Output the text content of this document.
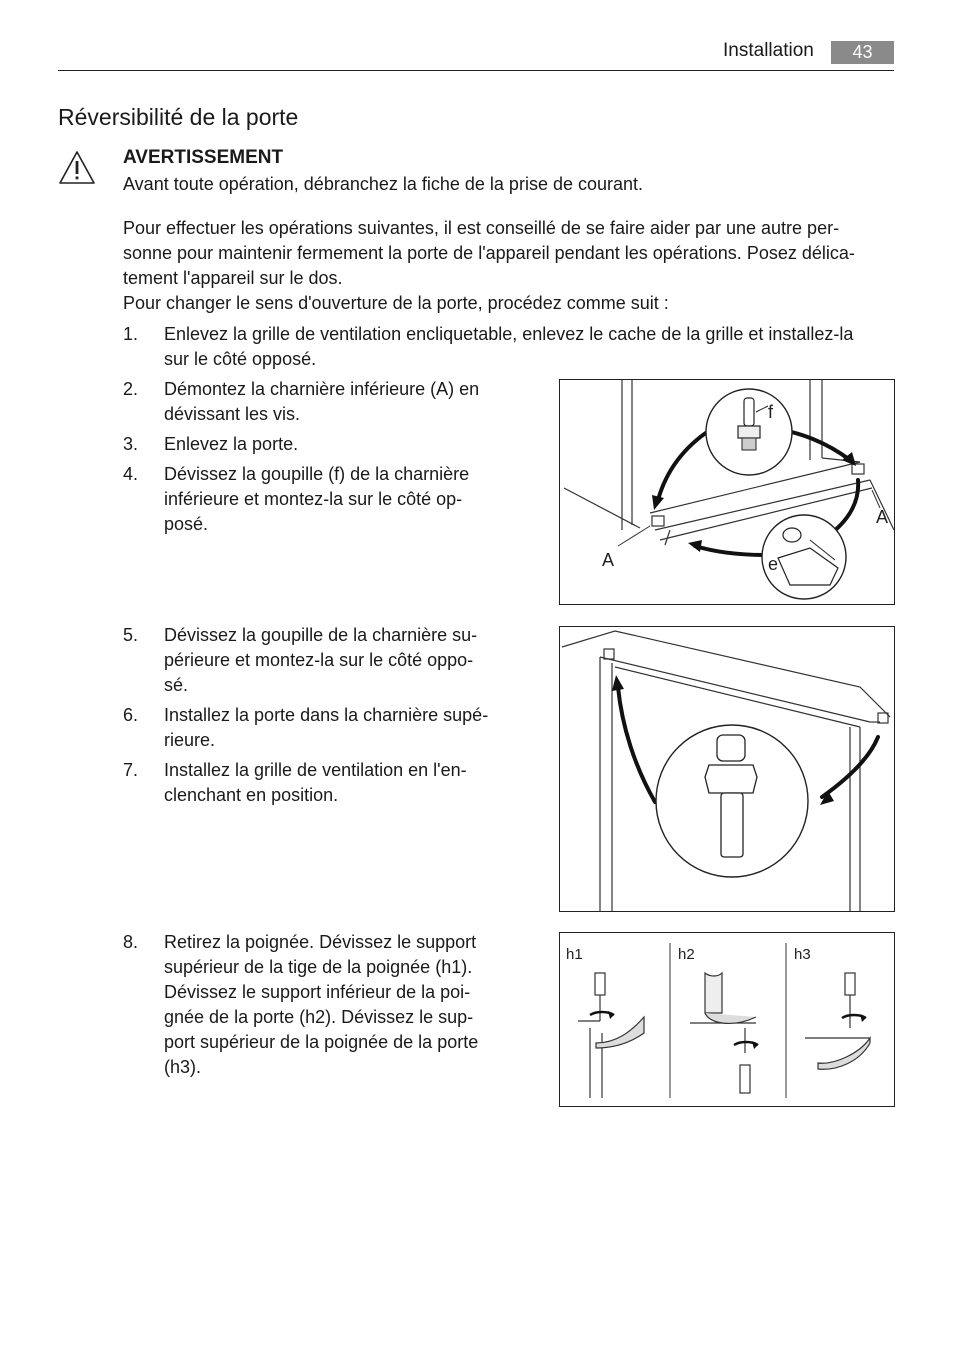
Installation	43
Réversibilité de la porte
AVERTISSEMENT
Avant toute opération, débranchez la fiche de la prise de courant.
Pour effectuer les opérations suivantes, il est conseillé de se faire aider par une autre per-
sonne pour maintenir fermement la porte de l'appareil pendant les opérations. Posez délica-
tement l'appareil sur le dos.
Pour changer le sens d'ouverture de la porte, procédez comme suit :
1. Enlevez la grille de ventilation encliquetable, enlevez le cache de la grille et installez-la
sur le côté opposé.
2. Démontez la charnière inférieure (A) en
dévissant les vis.
3. Enlevez la porte.
4. Dévissez la goupille (f) de la charnière
inférieure et montez-la sur le côté op-
posé.
5. Dévissez la goupille de la charnière su-
périeure et montez-la sur le côté oppo-
sé.
6. Installez la porte dans la charnière supé-
rieure.
7. Installez la grille de ventilation en l'en-
clenchant en position.
8. Retirez la poignée. Dévissez le support
supérieur de la tige de la poignée (h1).
Dévissez le support inférieur de la poi-
gnée de la porte (h2). Dévissez le sup-
port supérieur de la poignée de la porte
(h3).
f
A
A	e
h1	h2	h3
